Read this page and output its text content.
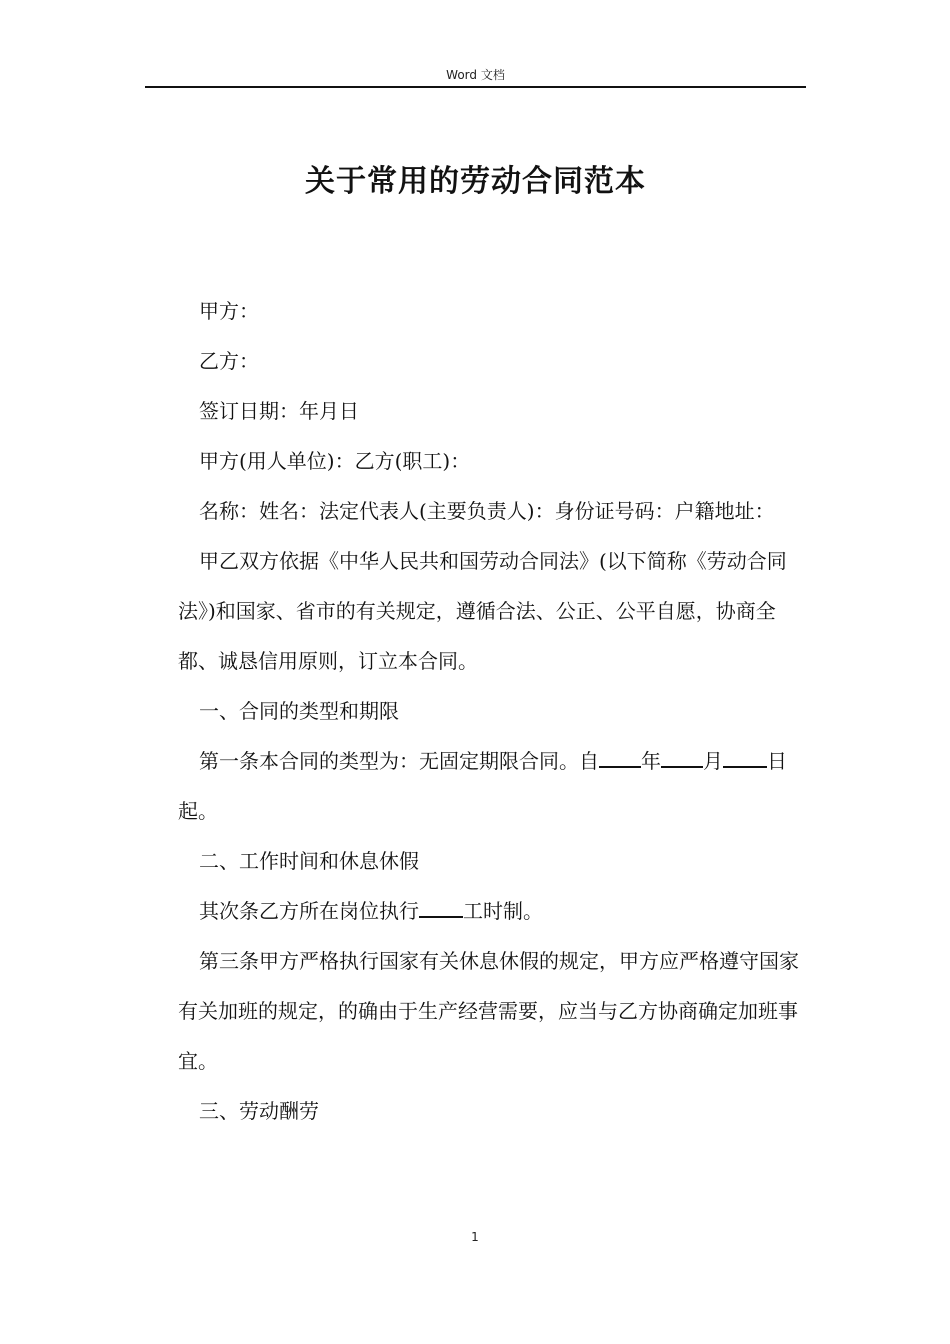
Word 文档
关于常用的劳动合同范本

甲方：

乙方：

签订日期：年月日

甲方(用人单位)：乙方(职工)：

名称：姓名：法定代表人(主要负责人)：身份证号码：户籍地址：

甲乙双方依据《中华人民共和国劳动合同法》(以下简称《劳动合同法》)和国家、省市的有关规定，遵循合法、公正、公平自愿，协商全都、诚恳信用原则，订立本合同。

一、合同的类型和期限

第一条本合同的类型为：无固定期限合同。自 年 月 日起。

二、工作时间和休息休假

其次条乙方所在岗位执行 工时制。

第三条甲方严格执行国家有关休息休假的规定，甲方应严格遵守国家有关加班的规定，的确由于生产经营需要，应当与乙方协商确定加班事宜。

三、劳动酬劳

1
